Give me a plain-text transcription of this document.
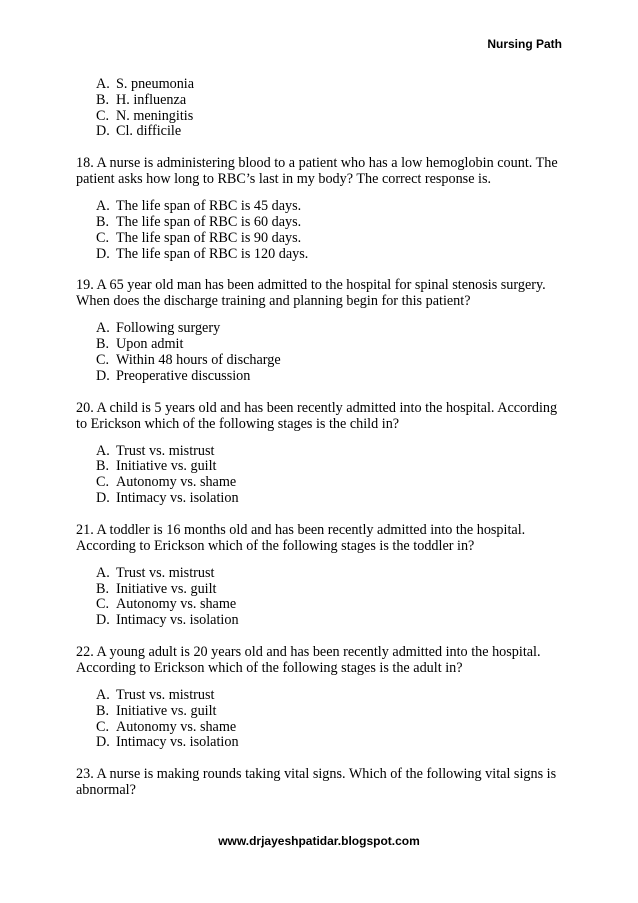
Nursing Path
A. S. pneumonia
B. H. influenza
C. N. meningitis
D. Cl. difficile

18. A nurse is administering blood to a patient who has a low hemoglobin count. The patient asks how long to RBC’s last in my body? The correct response is.

A. The life span of RBC is 45 days.
B. The life span of RBC is 60 days.
C. The life span of RBC is 90 days.
D. The life span of RBC is 120 days.

19. A 65 year old man has been admitted to the hospital for spinal stenosis surgery. When does the discharge training and planning begin for this patient?

A. Following surgery
B. Upon admit
C. Within 48 hours of discharge
D. Preoperative discussion

20. A child is 5 years old and has been recently admitted into the hospital. According to Erickson which of the following stages is the child in?

A. Trust vs. mistrust
B. Initiative vs. guilt
C. Autonomy vs. shame
D. Intimacy vs. isolation

21. A toddler is 16 months old and has been recently admitted into the hospital. According to Erickson which of the following stages is the toddler in?

A. Trust vs. mistrust
B. Initiative vs. guilt
C. Autonomy vs. shame
D. Intimacy vs. isolation

22. A young adult is 20 years old and has been recently admitted into the hospital. According to Erickson which of the following stages is the adult in?

A. Trust vs. mistrust
B. Initiative vs. guilt
C. Autonomy vs. shame
D. Intimacy vs. isolation

23. A nurse is making rounds taking vital signs. Which of the following vital signs is abnormal?

www.drjayeshpatidar.blogspot.com
